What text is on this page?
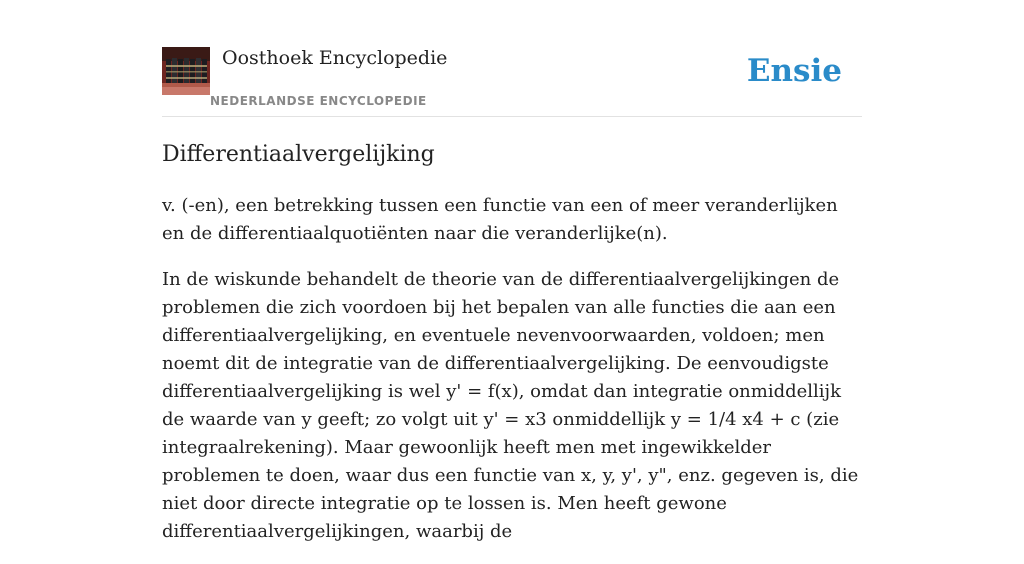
Oosthoek Encyclopedie
NEDERLANDSE ENCYCLOPEDIE
Ensie
Differentiaalvergelijking

v. (-en), een betrekking tussen een functie van een of meer veranderlijken en de differentiaalquotiënten naar die veranderlijke(n).

In de wiskunde behandelt de theorie van de differentiaalvergelijkingen de problemen die zich voordoen bij het bepalen van alle functies die aan een differentiaalvergelijking, en eventuele nevenvoorwaarden, voldoen; men noemt dit de integratie van de differentiaalvergelijking. De eenvoudigste differentiaalvergelijking is wel y' = f(x), omdat dan integratie onmiddellijk de waarde van y geeft; zo volgt uit y' = x3 onmiddellijk y = 1/4 x4 + c (zie integraalrekening). Maar gewoonlijk heeft men met ingewikkelder problemen te doen, waar dus een functie van x, y, y', y", enz. gegeven is, die niet door directe integratie op te lossen is. Men heeft gewone differentiaalvergelijkingen, waarbij de
